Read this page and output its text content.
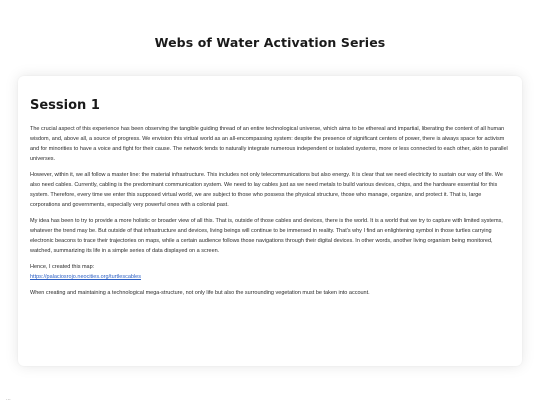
Webs of Water Activation Series
Session 1

The crucial aspect of this experience has been observing the tangible guiding thread of an entire technological universe, which aims to be ethereal and impartial, liberating the content of all human wisdom, and, above all, a source of progress. We envision this virtual world as an all-encompassing system: despite the presence of significant centers of power, there is always space for activism and for minorities to have a voice and fight for their cause. The network tends to naturally integrate numerous independent or isolated systems, more or less connected to each other, akin to parallel universes.

However, within it, we all follow a master line: the material infrastructure. This includes not only telecommunications but also energy. It is clear that we need electricity to sustain our way of life. We also need cables. Currently, cabling is the predominant communication system. We need to lay cables just as we need metals to build various devices, chips, and the hardware essential for this system. Therefore, every time we enter this supposed virtual world, we are subject to those who possess the physical structure, those who manage, organize, and protect it. That is, large corporations and governments, especially very powerful ones with a colonial past.

My idea has been to try to provide a more holistic or broader view of all this. That is, outside of those cables and devices, there is the world. It is a world that we try to capture with limited systems, whatever the trend may be. But outside of that infrastructure and devices, living beings will continue to be immersed in reality. That's why I find an enlightening symbol in those turtles carrying electronic beacons to trace their trajectories on maps, while a certain audience follows those navigations through their digital devices. In other words, another living organism being monitored, watched, summarizing its life in a simple series of data displayed on a screen.

Hence, I created this map:

https://palaciosrojo.neocities.org/turtlescables

When creating and maintaining a technological mega-structure, not only life but also the surrounding vegetation must be taken into account.

...
